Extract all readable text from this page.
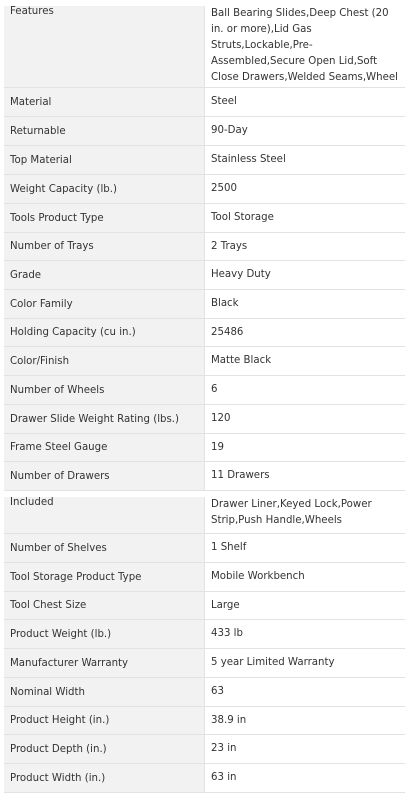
Features	Ball Bearing Slides,Deep Chest (20 in. or more),Lid Gas Struts,Lockable,Pre-Assembled,Secure Open Lid,Soft Close Drawers,Welded Seams,Wheel
Material	Steel
Returnable	90-Day
Top Material	Stainless Steel
Weight Capacity (lb.)	2500
Tools Product Type	Tool Storage
Number of Trays	2 Trays
Grade	Heavy Duty
Color Family	Black
Holding Capacity (cu in.)	25486
Color/Finish	Matte Black
Number of Wheels	6
Drawer Slide Weight Rating (lbs.)	120
Frame Steel Gauge	19
Number of Drawers	11 Drawers
Included	Drawer Liner,Keyed Lock,Power Strip,Push Handle,Wheels
Number of Shelves	1 Shelf
Tool Storage Product Type	Mobile Workbench
Tool Chest Size	Large
Product Weight (lb.)	433 lb
Manufacturer Warranty	5 year Limited Warranty
Nominal Width	63
Product Height (in.)	38.9 in
Product Depth (in.)	23 in
Product Width (in.)	63 in
